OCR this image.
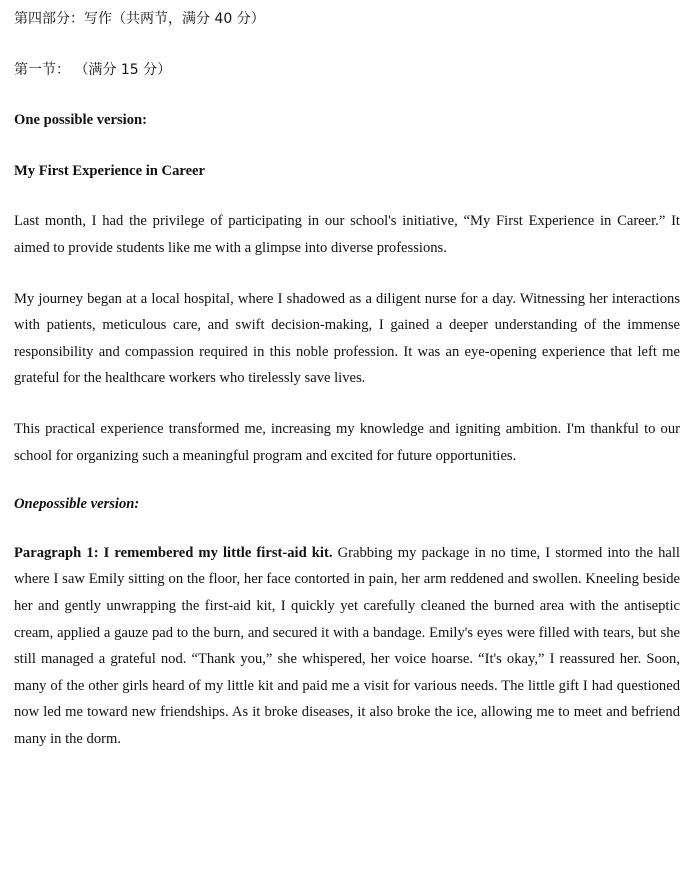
第四部分：写作（共两节，满分 40 分）

第一节： （满分 15 分）

One possible version:

My First Experience in Career

Last month, I had the privilege of participating in our school's initiative, “My First Experience in Career.” It aimed to provide students like me with a glimpse into diverse professions.

My journey began at a local hospital, where I shadowed as a diligent nurse for a day. Witnessing her interactions with patients, meticulous care, and swift decision-making, I gained a deeper understanding of the immense responsibility and compassion required in this noble profession. It was an eye-opening experience that left me grateful for the healthcare workers who tirelessly save lives.

This practical experience transformed me, increasing my knowledge and igniting ambition. I'm thankful to our school for organizing such a meaningful program and excited for future opportunities.

Onepossible version:

Paragraph 1: I remembered my little first-aid kit. Grabbing my package in no time, I stormed into the hall where I saw Emily sitting on the floor, her face contorted in pain, her arm reddened and swollen. Kneeling beside her and gently unwrapping the first-aid kit, I quickly yet carefully cleaned the burned area with the antiseptic cream, applied a gauze pad to the burn, and secured it with a bandage. Emily's eyes were filled with tears, but she still managed a grateful nod. “Thank you,” she whispered, her voice hoarse. “It's okay,” I reassured her. Soon, many of the other girls heard of my little kit and paid me a visit for various needs. The little gift I had questioned now led me toward new friendships. As it broke diseases, it also broke the ice, allowing me to meet and befriend many in the dorm.
